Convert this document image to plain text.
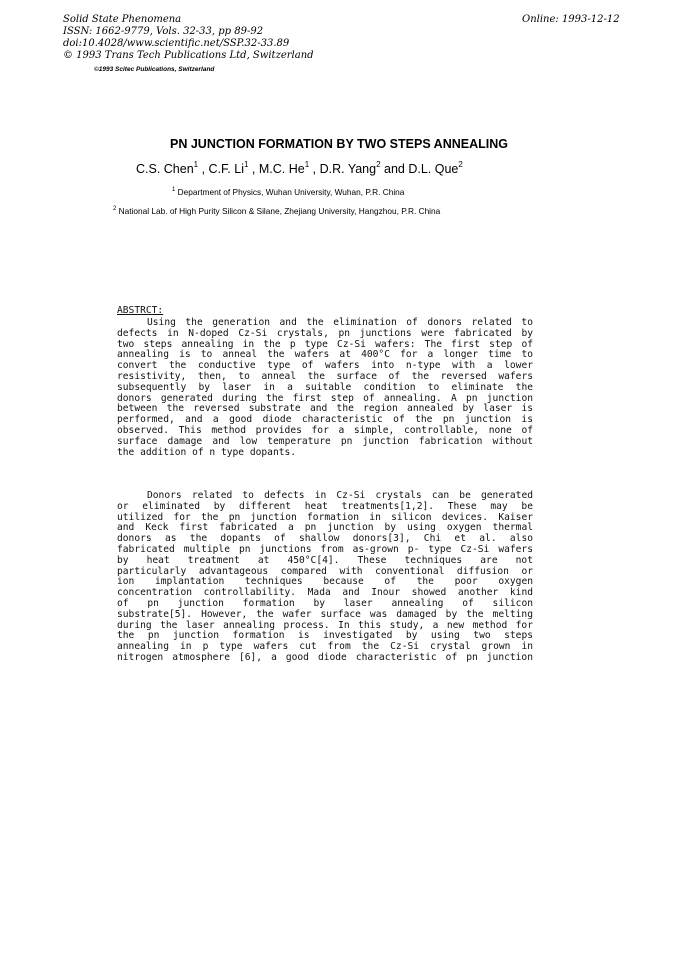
Solid State Phenomena
ISSN: 1662-9779, Vols. 32-33, pp 89-92
doi:10.4028/www.scientific.net/SSP.32-33.89
© 1993 Trans Tech Publications Ltd, Switzerland
Online: 1993-12-12
©1993 Scitec Publications, Switzerland
PN JUNCTION FORMATION BY TWO STEPS ANNEALING
C.S. Chen$^1$ , C.F. Li$^1$ , M.C. He$^1$ , D.R. Yang$^2$ and D.L. Que$^2$
$^1$ Department of Physics, Wuhan University, Wuhan, P.R. China
$^2$ National Lab. of High Purity Silicon & Silane, Zhejiang University, Hangzhou, P.R. China
ABSTRCT:
Using the generation and the elimination of donors related to
defects in N-doped Cz-Si crystals, pn junctions were fabricated by
two steps annealing in the p type Cz-Si wafers: The first step of
annealing is to anneal the wafers at 400°C for a longer time to
convert the conductive type of wafers into n-type with a lower
resistivity, then, to anneal the surface of the reversed wafers
subsequently by laser in a suitable condition to eliminate the
donors generated during the first step of annealing. A pn junction
between the reversed substrate and the region annealed by laser is
performed, and a good diode characteristic of the pn junction is
observed. This method provides for a simple, controllable, none of
surface damage and low temperature pn junction fabrication without
the addition of n type dopants.
Donors related to defects in Cz-Si crystals can be generated
or eliminated by different heat treatments[1,2]. These may be
utilized for the pn junction formation in silicon devices. Kaiser
and Keck first fabricated a pn junction by using oxygen thermal
donors as the dopants of shallow donors[3], Chi et al. also
fabricated multiple pn junctions from as-grown p- type Cz-Si wafers
by heat treatment at 450°C[4]. These techniques are not
particularly advantageous compared with conventional diffusion or
ion implantation techniques because of the poor oxygen
concentration controllability. Mada and Inour showed another kind
of pn junction formation by laser annealing of silicon
substrate[5]. However, the wafer surface was damaged by the melting
during the laser annealing process. In this study, a new method for
the pn junction formation is investigated by using two steps
annealing in p type wafers cut from the Cz-Si crystal grown in
nitrogen atmosphere [6], a good diode characteristic of pn junction
